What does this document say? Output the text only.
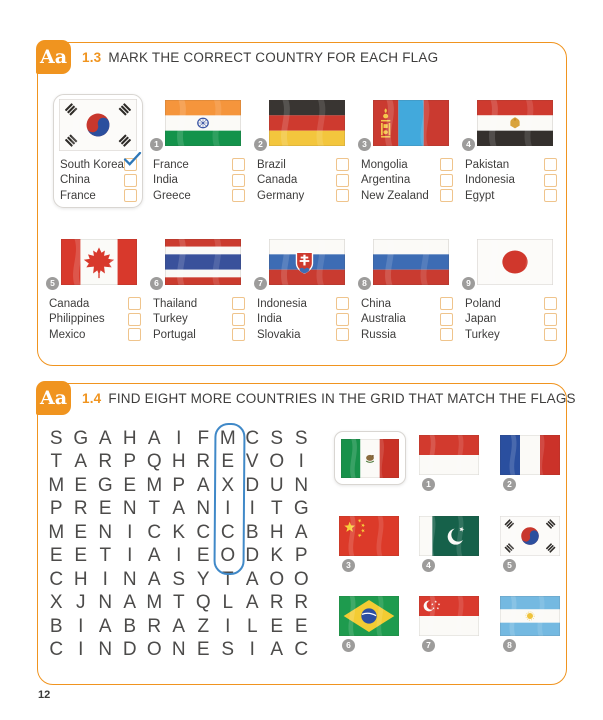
Aa 1.3 MARK THE CORRECT COUNTRY FOR EACH FLAG
South Korea
China
France
1
France
India
Greece
2
Brazil
Canada
Germany
3
Mongolia
Argentina
New Zealand
4
Pakistan
Indonesia
Egypt
5
Canada
Philippines
Mexico
6
Thailand
Turkey
Portugal
7
Indonesia
India
Slovakia
8
China
Australia
Russia
9
Poland
Japan
Turkey
Aa 1.4 FIND EIGHT MORE COUNTRIES IN THE GRID THAT MATCH THE FLAGS
S G A H A I F M C S S
T A R P Q H R E V O I
M E G E M P A X D U N
P R E N T A N I	I T G
M E N I C K C C B H A
E E T I A I E O D K P
C H I N A S Y T A O O
X J N A M T Q L A R R
B I A B R A Z I L E E
C I N D O N E S I A C
1	2
3	4	5
6	7	8
12
